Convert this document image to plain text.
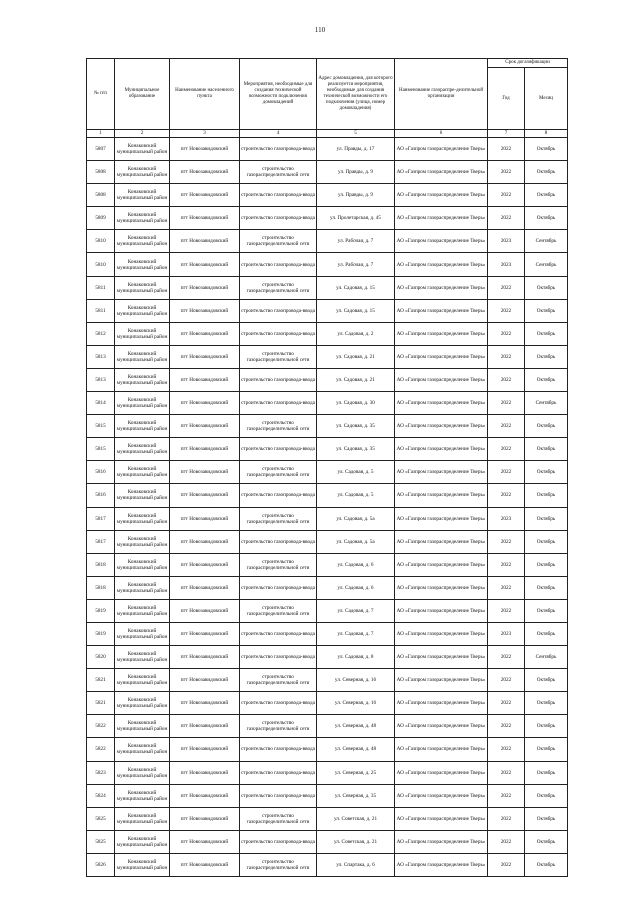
110
№ п/п	Муниципальное образование	Наименование населенного пункта	Мероприятия, необходимые для создания технической возможности подключения домовладений	Адрес домовладения, для которого реализуется мероприятия, необходимые для создания технической возможности его подключения (улица, номер домовладения)	Наименование газораспре-делительной организации	Срок догазификации	
						Год	Месяц
1	2	3	4	5	6	7	8
5807	Конаковский муниципальный район	пгт Новозавидовский	строительство газопровода-ввода	ул. Правды, д. 17	АО «Газпром газораспределение Тверь»	2022	Октябрь
5808	Конаковский муниципальный район	пгт Новозавидовский	строительство газораспределительной сети	ул. Правды, д. 9	АО «Газпром газораспределение Тверь»	2022	Октябрь
5808	Конаковский муниципальный район	пгт Новозавидовский	строительство газопровода-ввода	ул. Правды, д. 9	АО «Газпром газораспределение Тверь»	2022	Октябрь
5809	Конаковский муниципальный район	пгт Новозавидовский	строительство газопровода-ввода	ул. Пролетарская, д. 45	АО «Газпром газораспределение Тверь»	2022	Октябрь
5810	Конаковский муниципальный район	пгт Новозавидовский	строительство газораспределительной сети	ул. Рабочая, д. 7	АО «Газпром газораспределение Тверь»	2023	Сентябрь
5810	Конаковский муниципальный район	пгт Новозавидовский	строительство газопровода-ввода	ул. Рабочая, д. 7	АО «Газпром газораспределение Тверь»	2023	Сентябрь
5811	Конаковский муниципальный район	пгт Новозавидовский	строительство газораспределительной сети	ул. Садовая, д. 15	АО «Газпром газораспределение Тверь»	2022	Октябрь
5811	Конаковский муниципальный район	пгт Новозавидовский	строительство газопровода-ввода	ул. Садовая, д. 15	АО «Газпром газораспределение Тверь»	2022	Октябрь
5812	Конаковский муниципальный район	пгт Новозавидовский	строительство газопровода-ввода	ул. Садовая, д. 2	АО «Газпром газораспределение Тверь»	2022	Октябрь
5813	Конаковский муниципальный район	пгт Новозавидовский	строительство газораспределительной сети	ул. Садовая, д. 21	АО «Газпром газораспределение Тверь»	2022	Октябрь
5813	Конаковский муниципальный район	пгт Новозавидовский	строительство газопровода-ввода	ул. Садовая, д. 21	АО «Газпром газораспределение Тверь»	2022	Октябрь
5814	Конаковский муниципальный район	пгт Новозавидовский	строительство газопровода-ввода	ул. Садовая, д. 30	АО «Газпром газораспределение Тверь»	2022	Сентябрь
5815	Конаковский муниципальный район	пгт Новозавидовский	строительство газораспределительной сети	ул. Садовая, д. 35	АО «Газпром газораспределение Тверь»	2022	Октябрь
5815	Конаковский муниципальный район	пгт Новозавидовский	строительство газопровода-ввода	ул. Садовая, д. 35	АО «Газпром газораспределение Тверь»	2022	Октябрь
5816	Конаковский муниципальный район	пгт Новозавидовский	строительство газораспределительной сети	ул. Садовая, д. 5	АО «Газпром газораспределение Тверь»	2022	Октябрь
5816	Конаковский муниципальный район	пгт Новозавидовский	строительство газопровода-ввода	ул. Садовая, д. 5	АО «Газпром газораспределение Тверь»	2022	Октябрь
5817	Конаковский муниципальный район	пгт Новозавидовский	строительство газораспределительной сети	ул. Садовая, д. 5а	АО «Газпром газораспределение Тверь»	2023	Октябрь
5817	Конаковский муниципальный район	пгт Новозавидовский	строительство газопровода-ввода	ул. Садовая, д. 5а	АО «Газпром газораспределение Тверь»	2022	Октябрь
5818	Конаковский муниципальный район	пгт Новозавидовский	строительство газораспределительной сети	ул. Садовая, д. 6	АО «Газпром газораспределение Тверь»	2022	Октябрь
5818	Конаковский муниципальный район	пгт Новозавидовский	строительство газопровода-ввода	ул. Садовая, д. 6	АО «Газпром газораспределение Тверь»	2022	Октябрь
5819	Конаковский муниципальный район	пгт Новозавидовский	строительство газораспределительной сети	ул. Садовая, д. 7	АО «Газпром газораспределение Тверь»	2022	Октябрь
5819	Конаковский муниципальный район	пгт Новозавидовский	строительство газопровода-ввода	ул. Садовая, д. 7	АО «Газпром газораспределение Тверь»	2023	Октябрь
5820	Конаковский муниципальный район	пгт Новозавидовский	строительство газопровода-ввода	ул. Садовая, д. 8	АО «Газпром газораспределение Тверь»	2022	Сентябрь
5821	Конаковский муниципальный район	пгт Новозавидовский	строительство газораспределительной сети	ул. Северная, д. 16	АО «Газпром газораспределение Тверь»	2022	Октябрь
5821	Конаковский муниципальный район	пгт Новозавидовский	строительство газопровода-ввода	ул. Северная, д. 16	АО «Газпром газораспределение Тверь»	2022	Октябрь
5822	Конаковский муниципальный район	пгт Новозавидовский	строительство газораспределительной сети	ул. Северная, д. 48	АО «Газпром газораспределение Тверь»	2022	Октябрь
5822	Конаковский муниципальный район	пгт Новозавидовский	строительство газопровода-ввода	ул. Северная, д. 48	АО «Газпром газораспределение Тверь»	2022	Октябрь
5823	Конаковский муниципальный район	пгт Новозавидовский	строительство газопровода-ввода	ул. Северная, д. 25	АО «Газпром газораспределение Тверь»	2022	Октябрь
5824	Конаковский муниципальный район	пгт Новозавидовский	строительство газопровода-ввода	ул. Северная, д. 35	АО «Газпром газораспределение Тверь»	2022	Октябрь
5825	Конаковский муниципальный район	пгт Новозавидовский	строительство газораспределительной сети	ул. Советская, д. 21	АО «Газпром газораспределение Тверь»	2022	Октябрь
5825	Конаковский муниципальный район	пгт Новозавидовский	строительство газопровода-ввода	ул. Советская, д. 21	АО «Газпром газораспределение Тверь»	2022	Октябрь
5826	Конаковский муниципальный район	пгт Новозавидовский	строительство газораспределительной сети	ул. Спартака, д. 6	АО «Газпром газораспределение Тверь»	2022	Октябрь
